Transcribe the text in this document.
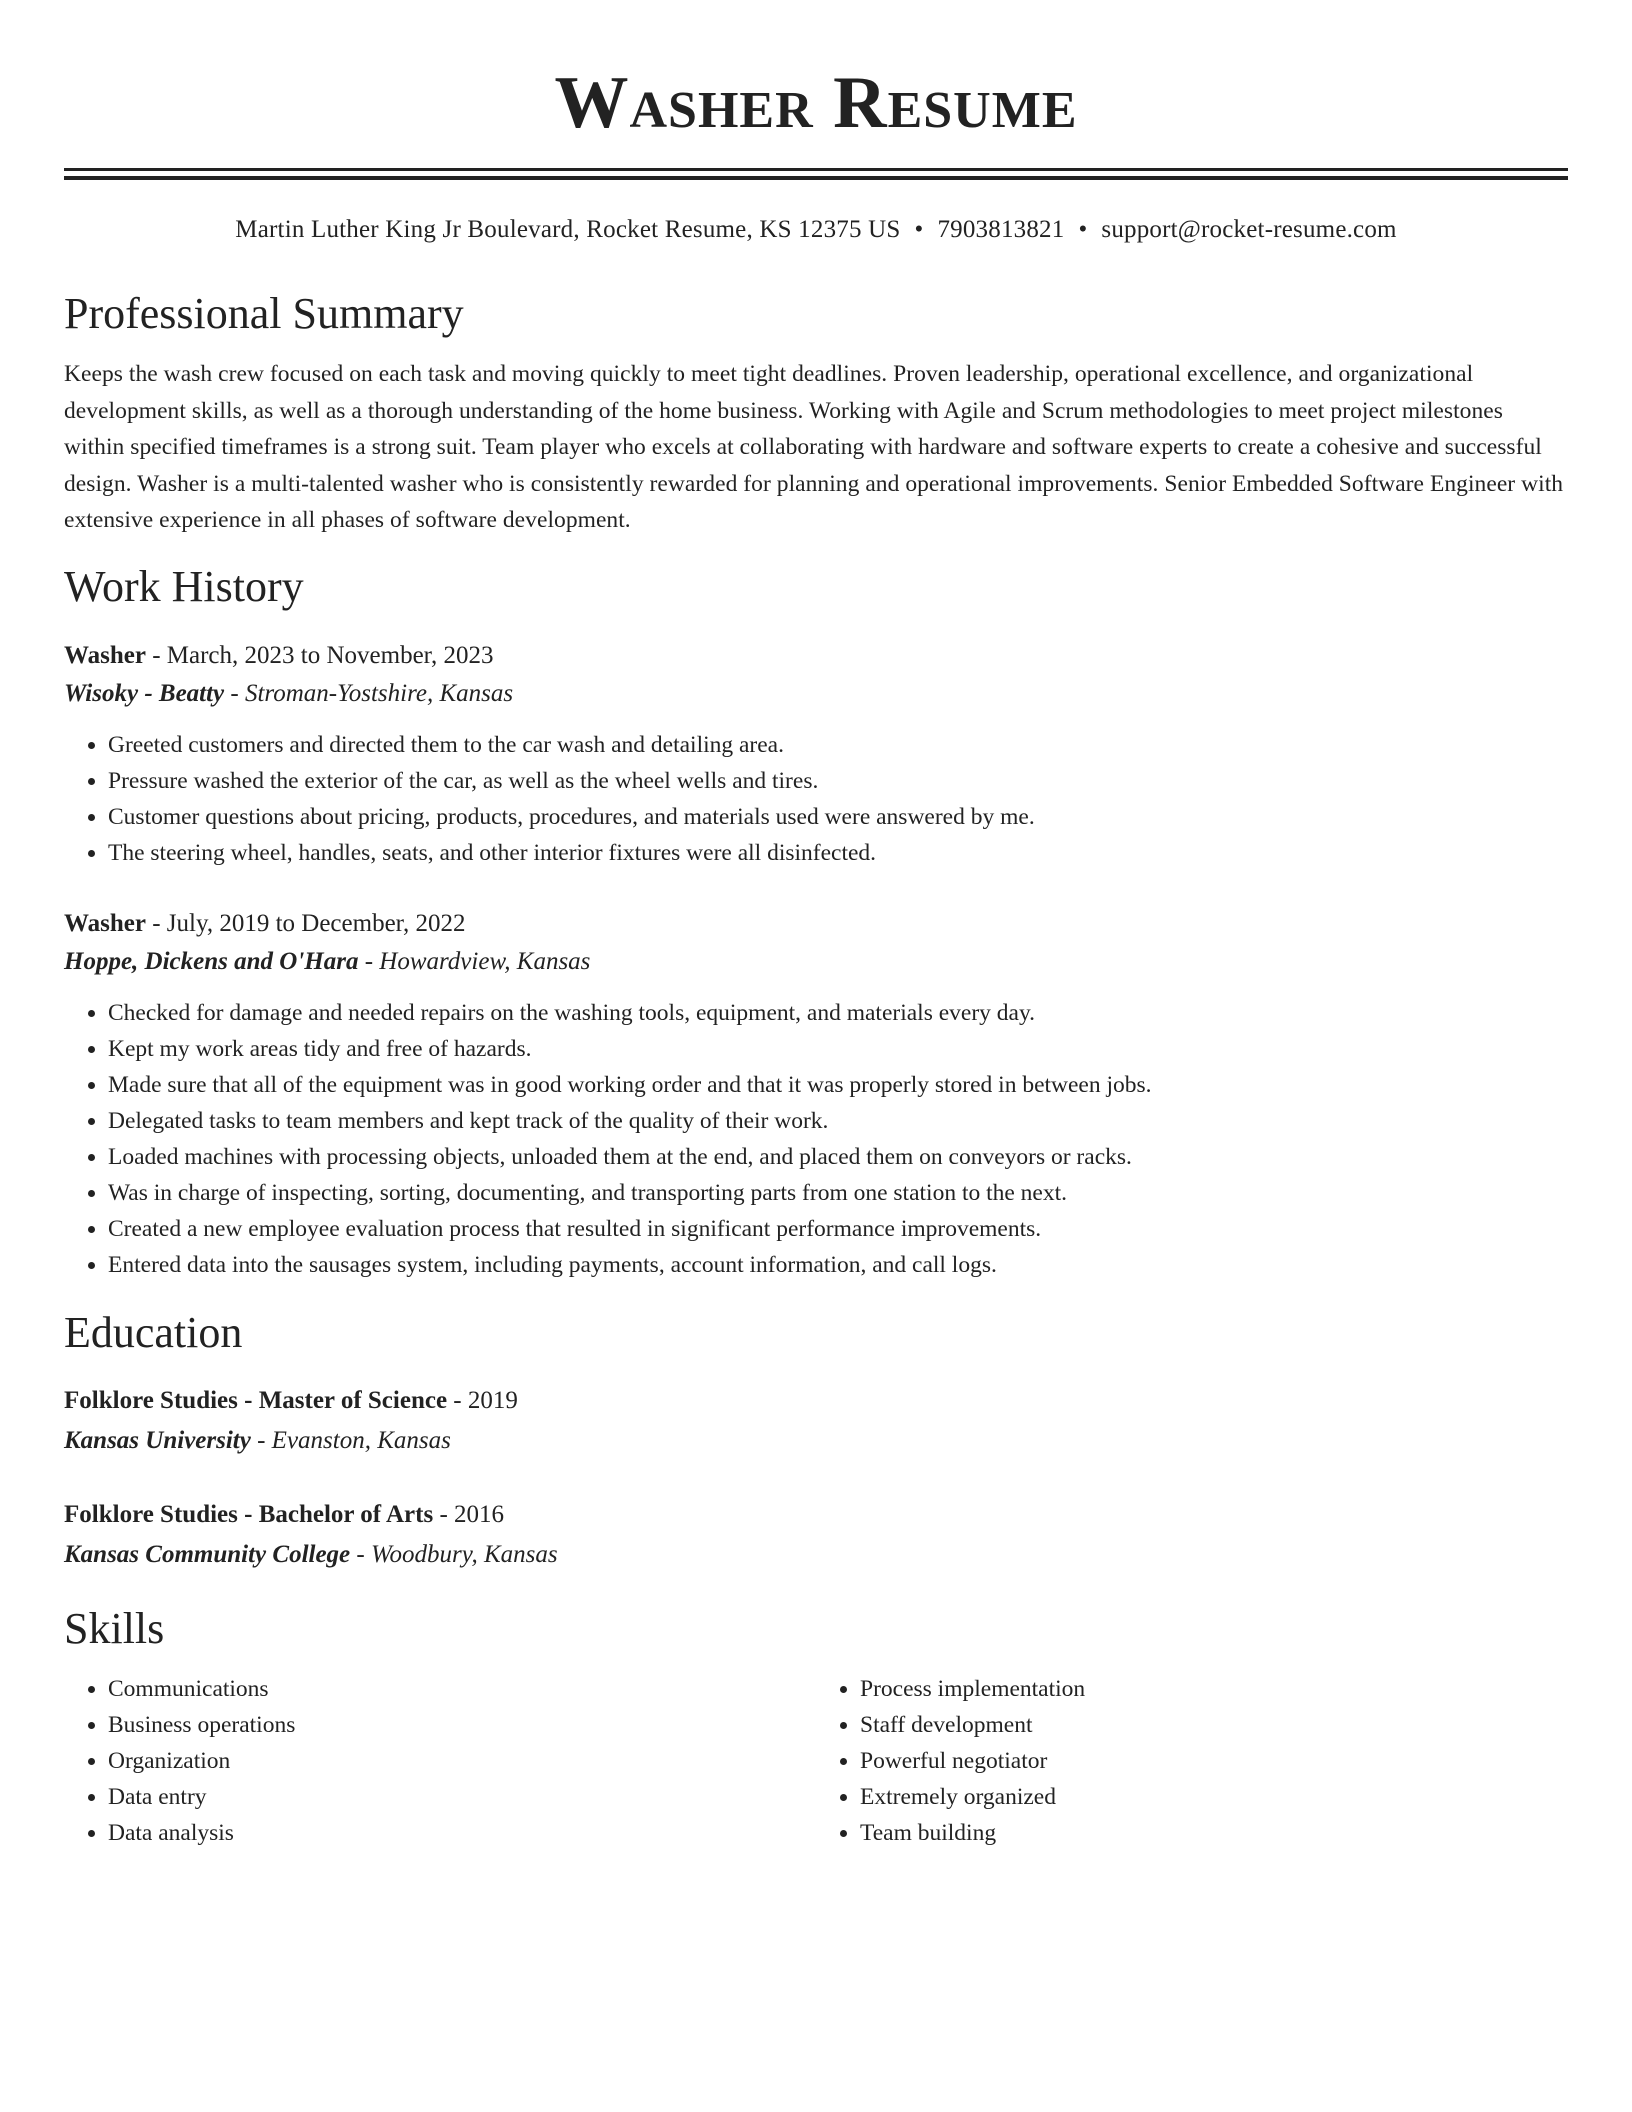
Washer Resume
Martin Luther King Jr Boulevard, Rocket Resume, KS 12375 US • 7903813821 • support@rocket-resume.com
Professional Summary
Keeps the wash crew focused on each task and moving quickly to meet tight deadlines. Proven leadership, operational excellence, and organizational development skills, as well as a thorough understanding of the home business. Working with Agile and Scrum methodologies to meet project milestones within specified timeframes is a strong suit. Team player who excels at collaborating with hardware and software experts to create a cohesive and successful design. Washer is a multi-talented washer who is consistently rewarded for planning and operational improvements. Senior Embedded Software Engineer with extensive experience in all phases of software development.
Work History
Washer - March, 2023 to November, 2023
Wisoky - Beatty - Stroman-Yostshire, Kansas
• Greeted customers and directed them to the car wash and detailing area.
• Pressure washed the exterior of the car, as well as the wheel wells and tires.
• Customer questions about pricing, products, procedures, and materials used were answered by me.
• The steering wheel, handles, seats, and other interior fixtures were all disinfected.
Washer - July, 2019 to December, 2022
Hoppe, Dickens and O'Hara - Howardview, Kansas
• Checked for damage and needed repairs on the washing tools, equipment, and materials every day.
• Kept my work areas tidy and free of hazards.
• Made sure that all of the equipment was in good working order and that it was properly stored in between jobs.
• Delegated tasks to team members and kept track of the quality of their work.
• Loaded machines with processing objects, unloaded them at the end, and placed them on conveyors or racks.
• Was in charge of inspecting, sorting, documenting, and transporting parts from one station to the next.
• Created a new employee evaluation process that resulted in significant performance improvements.
• Entered data into the sausages system, including payments, account information, and call logs.
Education
Folklore Studies - Master of Science - 2019
Kansas University - Evanston, Kansas
Folklore Studies - Bachelor of Arts - 2016
Kansas Community College - Woodbury, Kansas
Skills
• Communications
• Business operations
• Organization
• Data entry
• Data analysis
• Process implementation
• Staff development
• Powerful negotiator
• Extremely organized
• Team building
